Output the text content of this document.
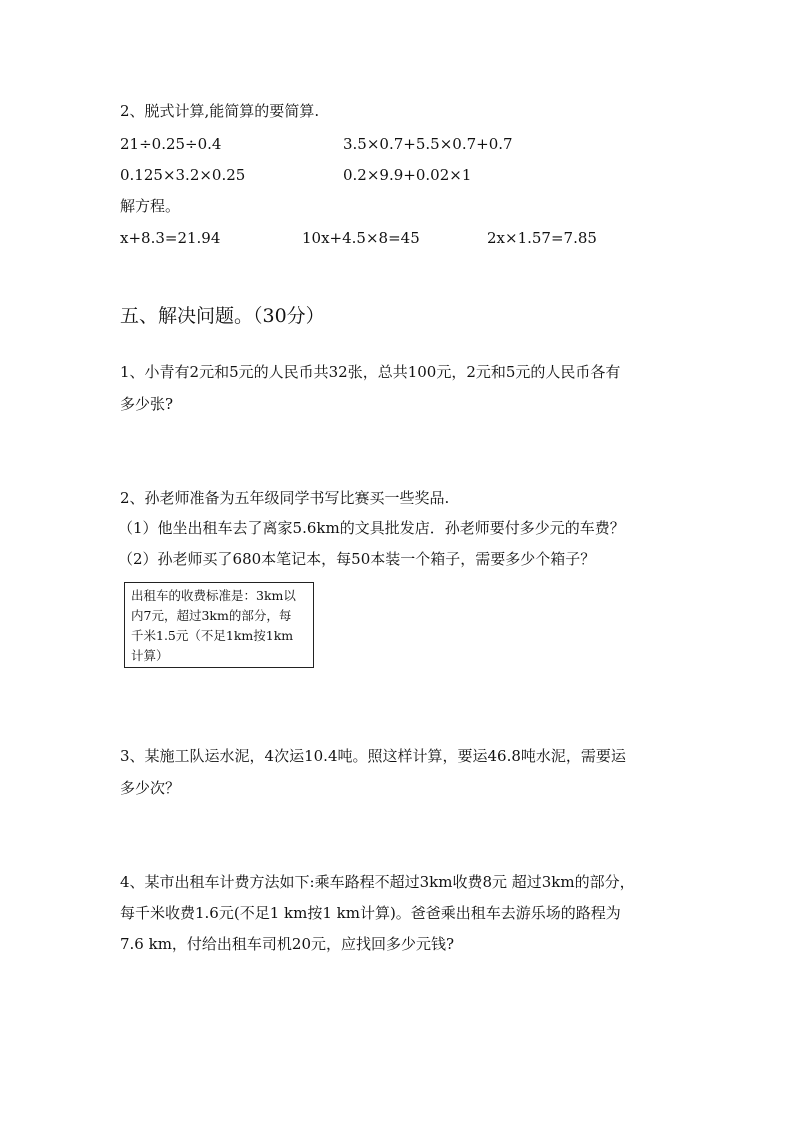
2、脱式计算,能简算的要简算.
21÷0.25÷0.4	3.5×0.7+5.5×0.7+0.7
0.125×3.2×0.25	0.2×9.9+0.02×1
解方程。
x+8.3=21.94	10x+4.5×8=45	2x×1.57=7.85
五、解决问题。（30分）
1、小青有2元和5元的人民币共32张，总共100元，2元和5元的人民币各有
多少张?
2、孙老师准备为五年级同学书写比赛买一些奖品.
（1）他坐出租车去了离家5.6km的文具批发店．孙老师要付多少元的车费？
（2）孙老师买了680本笔记本，每50本装一个箱子，需要多少个箱子？
出租车的收费标准是：3km以
内7元，超过3km的部分，每
千米1.5元（不足1km按1km
计算）
3、某施工队运水泥，4次运10.4吨。照这样计算，要运46.8吨水泥，需要运
多少次？
4、某市出租车计费方法如下:乘车路程不超过3km收费8元 超过3km的部分，
每千米收费1.6元(不足1 km按1 km计算)。爸爸乘出租车去游乐场的路程为
7.6 km，付给出租车司机20元，应找回多少元钱?
